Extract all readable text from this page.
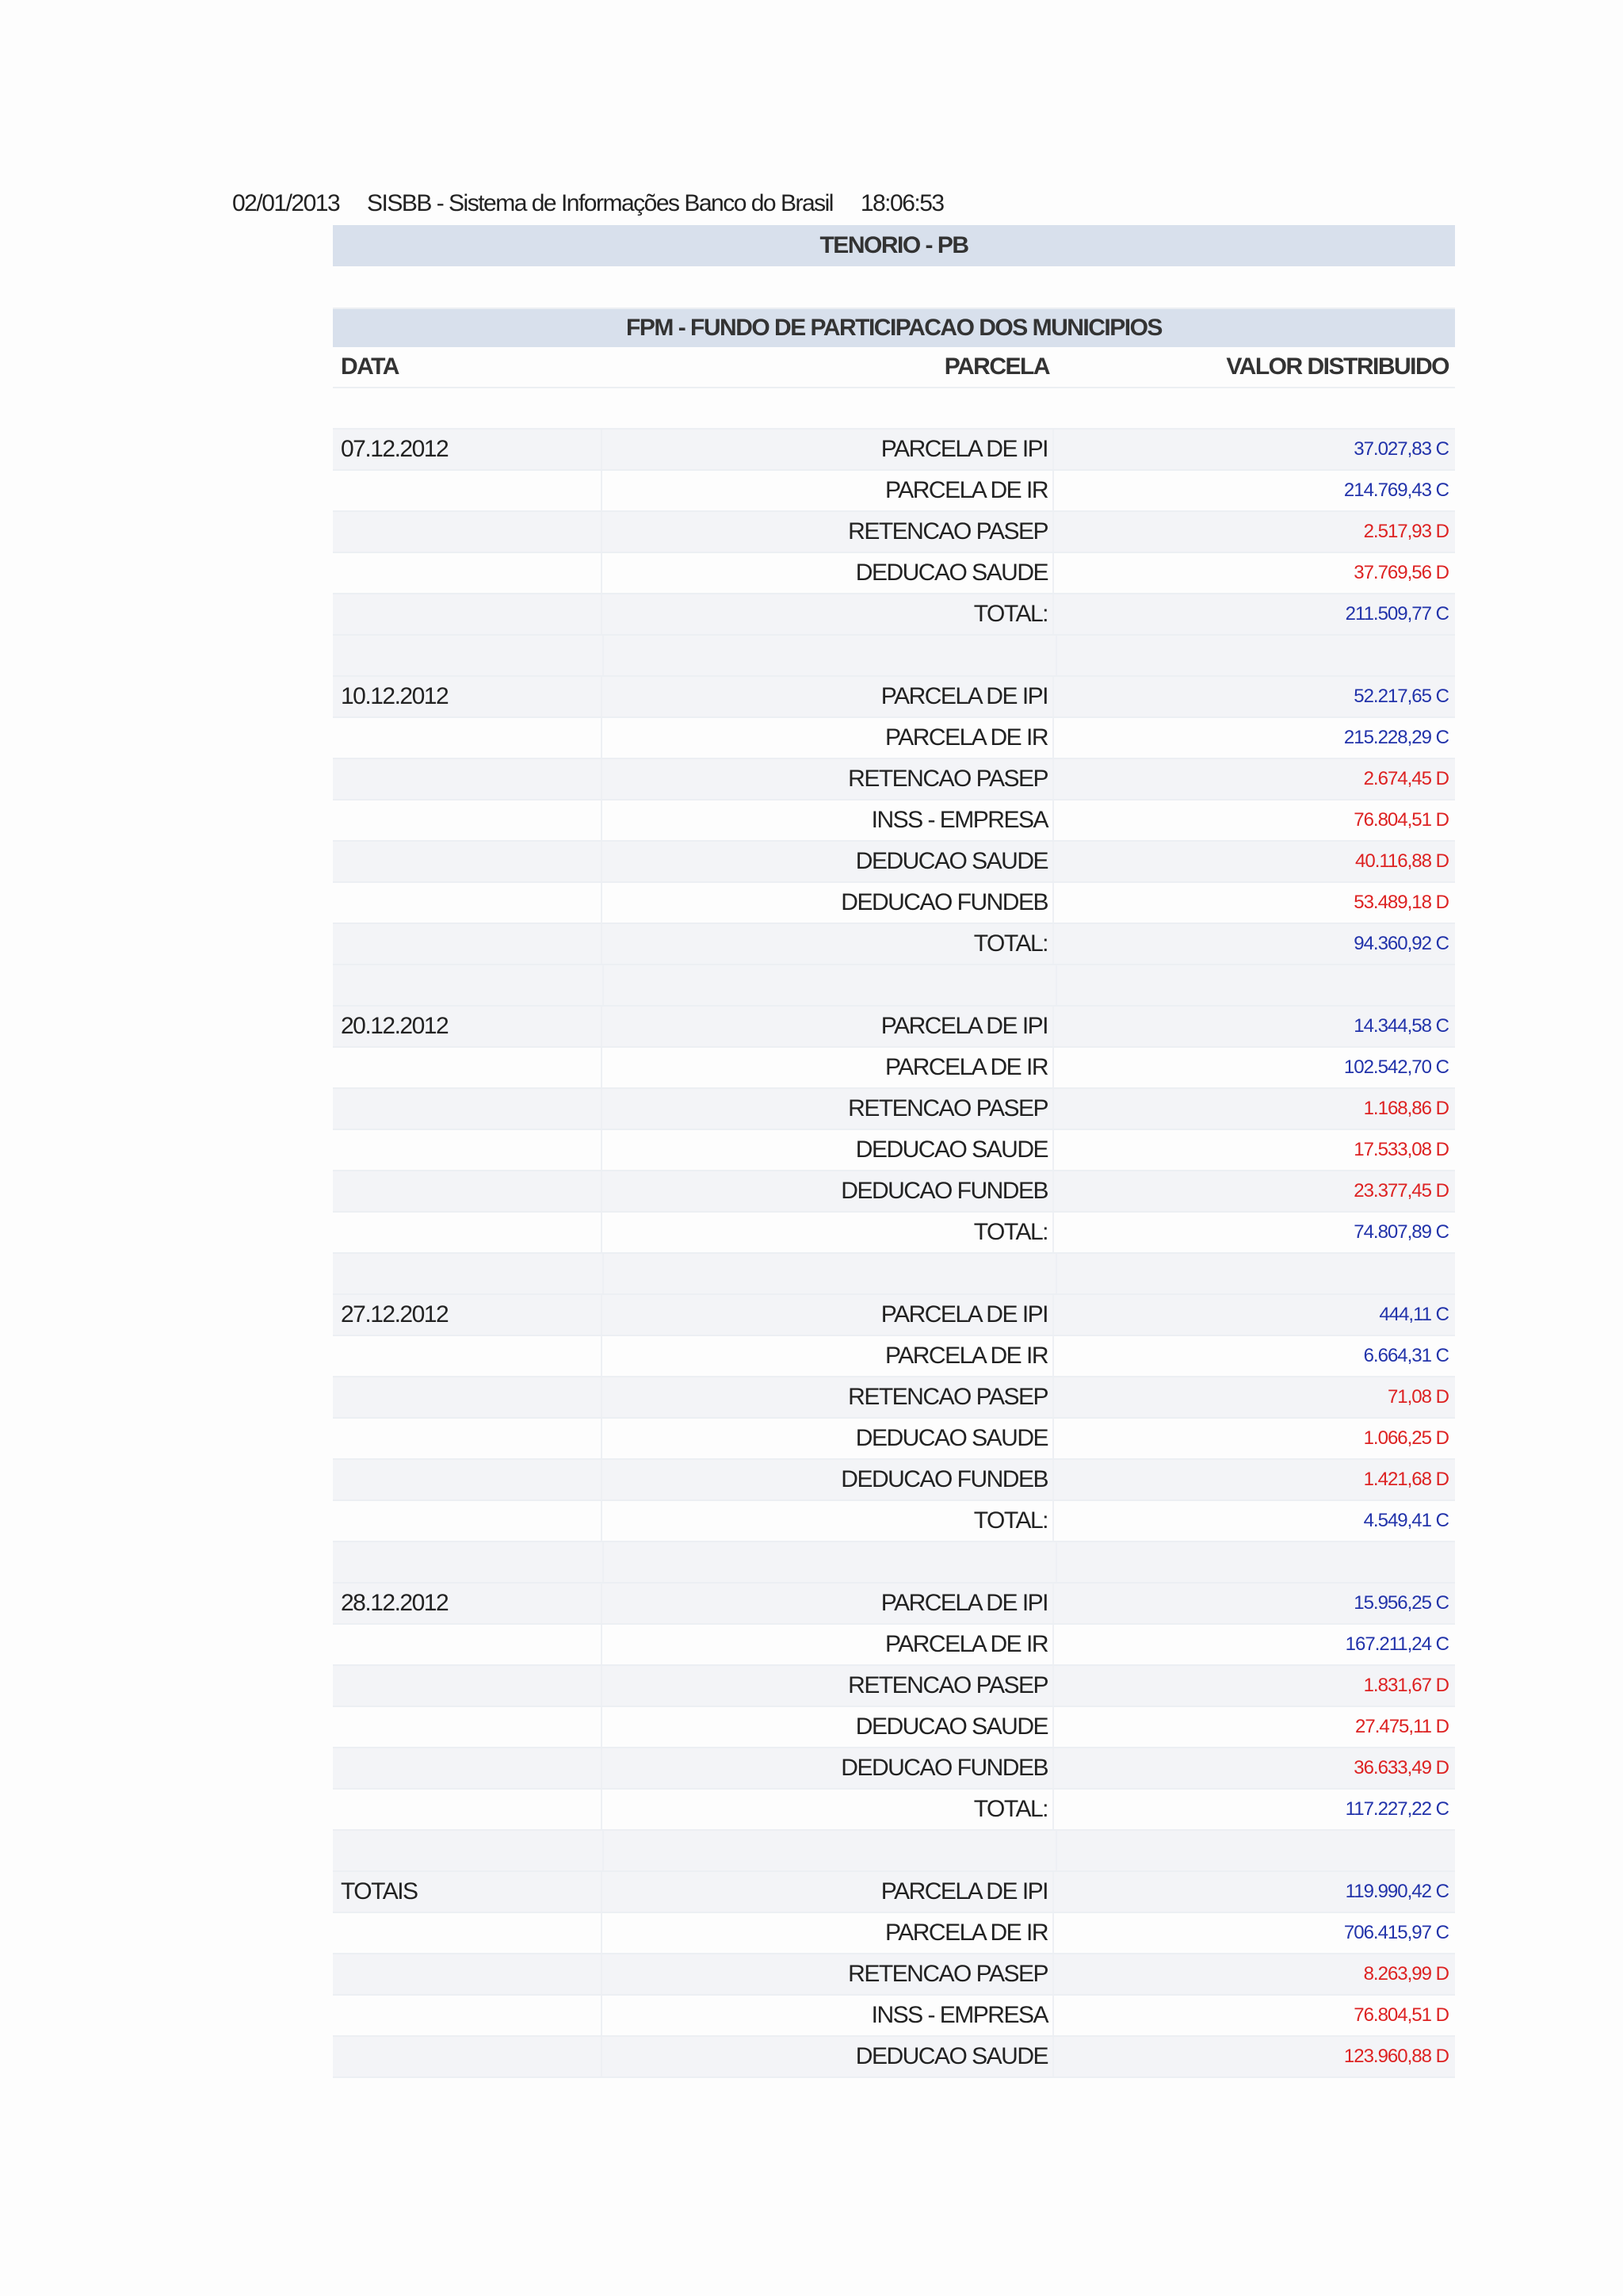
02/01/2013 SISBB - Sistema de Informações Banco do Brasil 18:06:53
TENORIO - PB
FPM - FUNDO DE PARTICIPACAO DOS MUNICIPIOS
DATA	PARCELA	VALOR DISTRIBUIDO
07.12.2012	PARCELA DE IPI	37.027,83 C
PARCELA DE IR	214.769,43 C
RETENCAO PASEP	2.517,93 D
DEDUCAO SAUDE	37.769,56 D
TOTAL:	211.509,77 C
10.12.2012	PARCELA DE IPI	52.217,65 C
PARCELA DE IR	215.228,29 C
RETENCAO PASEP	2.674,45 D
INSS - EMPRESA	76.804,51 D
DEDUCAO SAUDE	40.116,88 D
DEDUCAO FUNDEB	53.489,18 D
TOTAL:	94.360,92 C
20.12.2012	PARCELA DE IPI	14.344,58 C
PARCELA DE IR	102.542,70 C
RETENCAO PASEP	1.168,86 D
DEDUCAO SAUDE	17.533,08 D
DEDUCAO FUNDEB	23.377,45 D
TOTAL:	74.807,89 C
27.12.2012	PARCELA DE IPI	444,11 C
PARCELA DE IR	6.664,31 C
RETENCAO PASEP	71,08 D
DEDUCAO SAUDE	1.066,25 D
DEDUCAO FUNDEB	1.421,68 D
TOTAL:	4.549,41 C
28.12.2012	PARCELA DE IPI	15.956,25 C
PARCELA DE IR	167.211,24 C
RETENCAO PASEP	1.831,67 D
DEDUCAO SAUDE	27.475,11 D
DEDUCAO FUNDEB	36.633,49 D
TOTAL:	117.227,22 C
TOTAIS	PARCELA DE IPI	119.990,42 C
PARCELA DE IR	706.415,97 C
RETENCAO PASEP	8.263,99 D
INSS - EMPRESA	76.804,51 D
DEDUCAO SAUDE	123.960,88 D
